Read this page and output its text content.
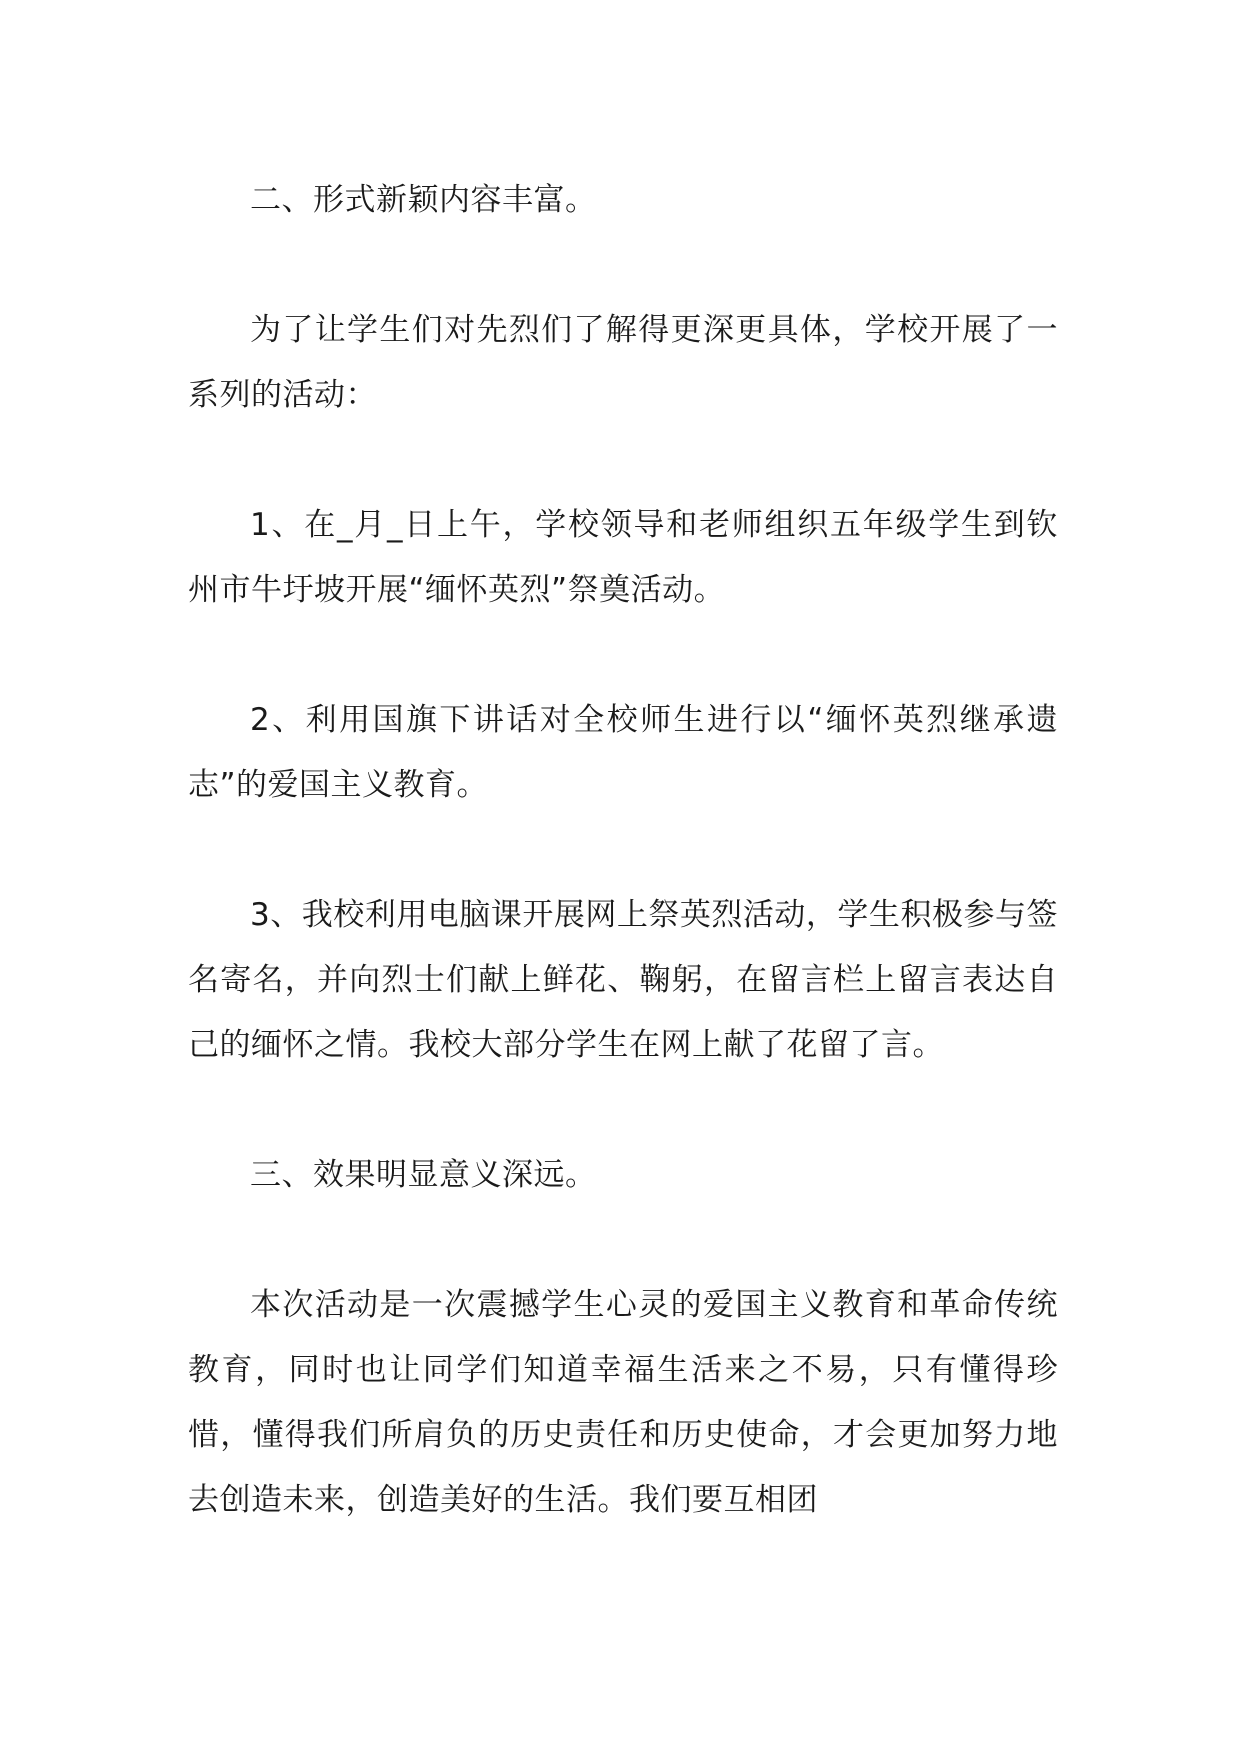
二、形式新颖内容丰富。

为了让学生们对先烈们了解得更深更具体，学校开展了一系列的活动：

1、在_月_日上午，学校领导和老师组织五年级学生到钦州市牛圩坡开展“缅怀英烈”祭奠活动。

2、利用国旗下讲话对全校师生进行以“缅怀英烈继承遗志”的爱国主义教育。

3、我校利用电脑课开展网上祭英烈活动，学生积极参与签名寄名，并向烈士们献上鲜花、鞠躬，在留言栏上留言表达自己的缅怀之情。我校大部分学生在网上献了花留了言。

三、效果明显意义深远。

本次活动是一次震撼学生心灵的爱国主义教育和革命传统教育，同时也让同学们知道幸福生活来之不易，只有懂得珍惜，懂得我们所肩负的历史责任和历史使命，才会更加努力地去创造未来，创造美好的生活。我们要互相团
